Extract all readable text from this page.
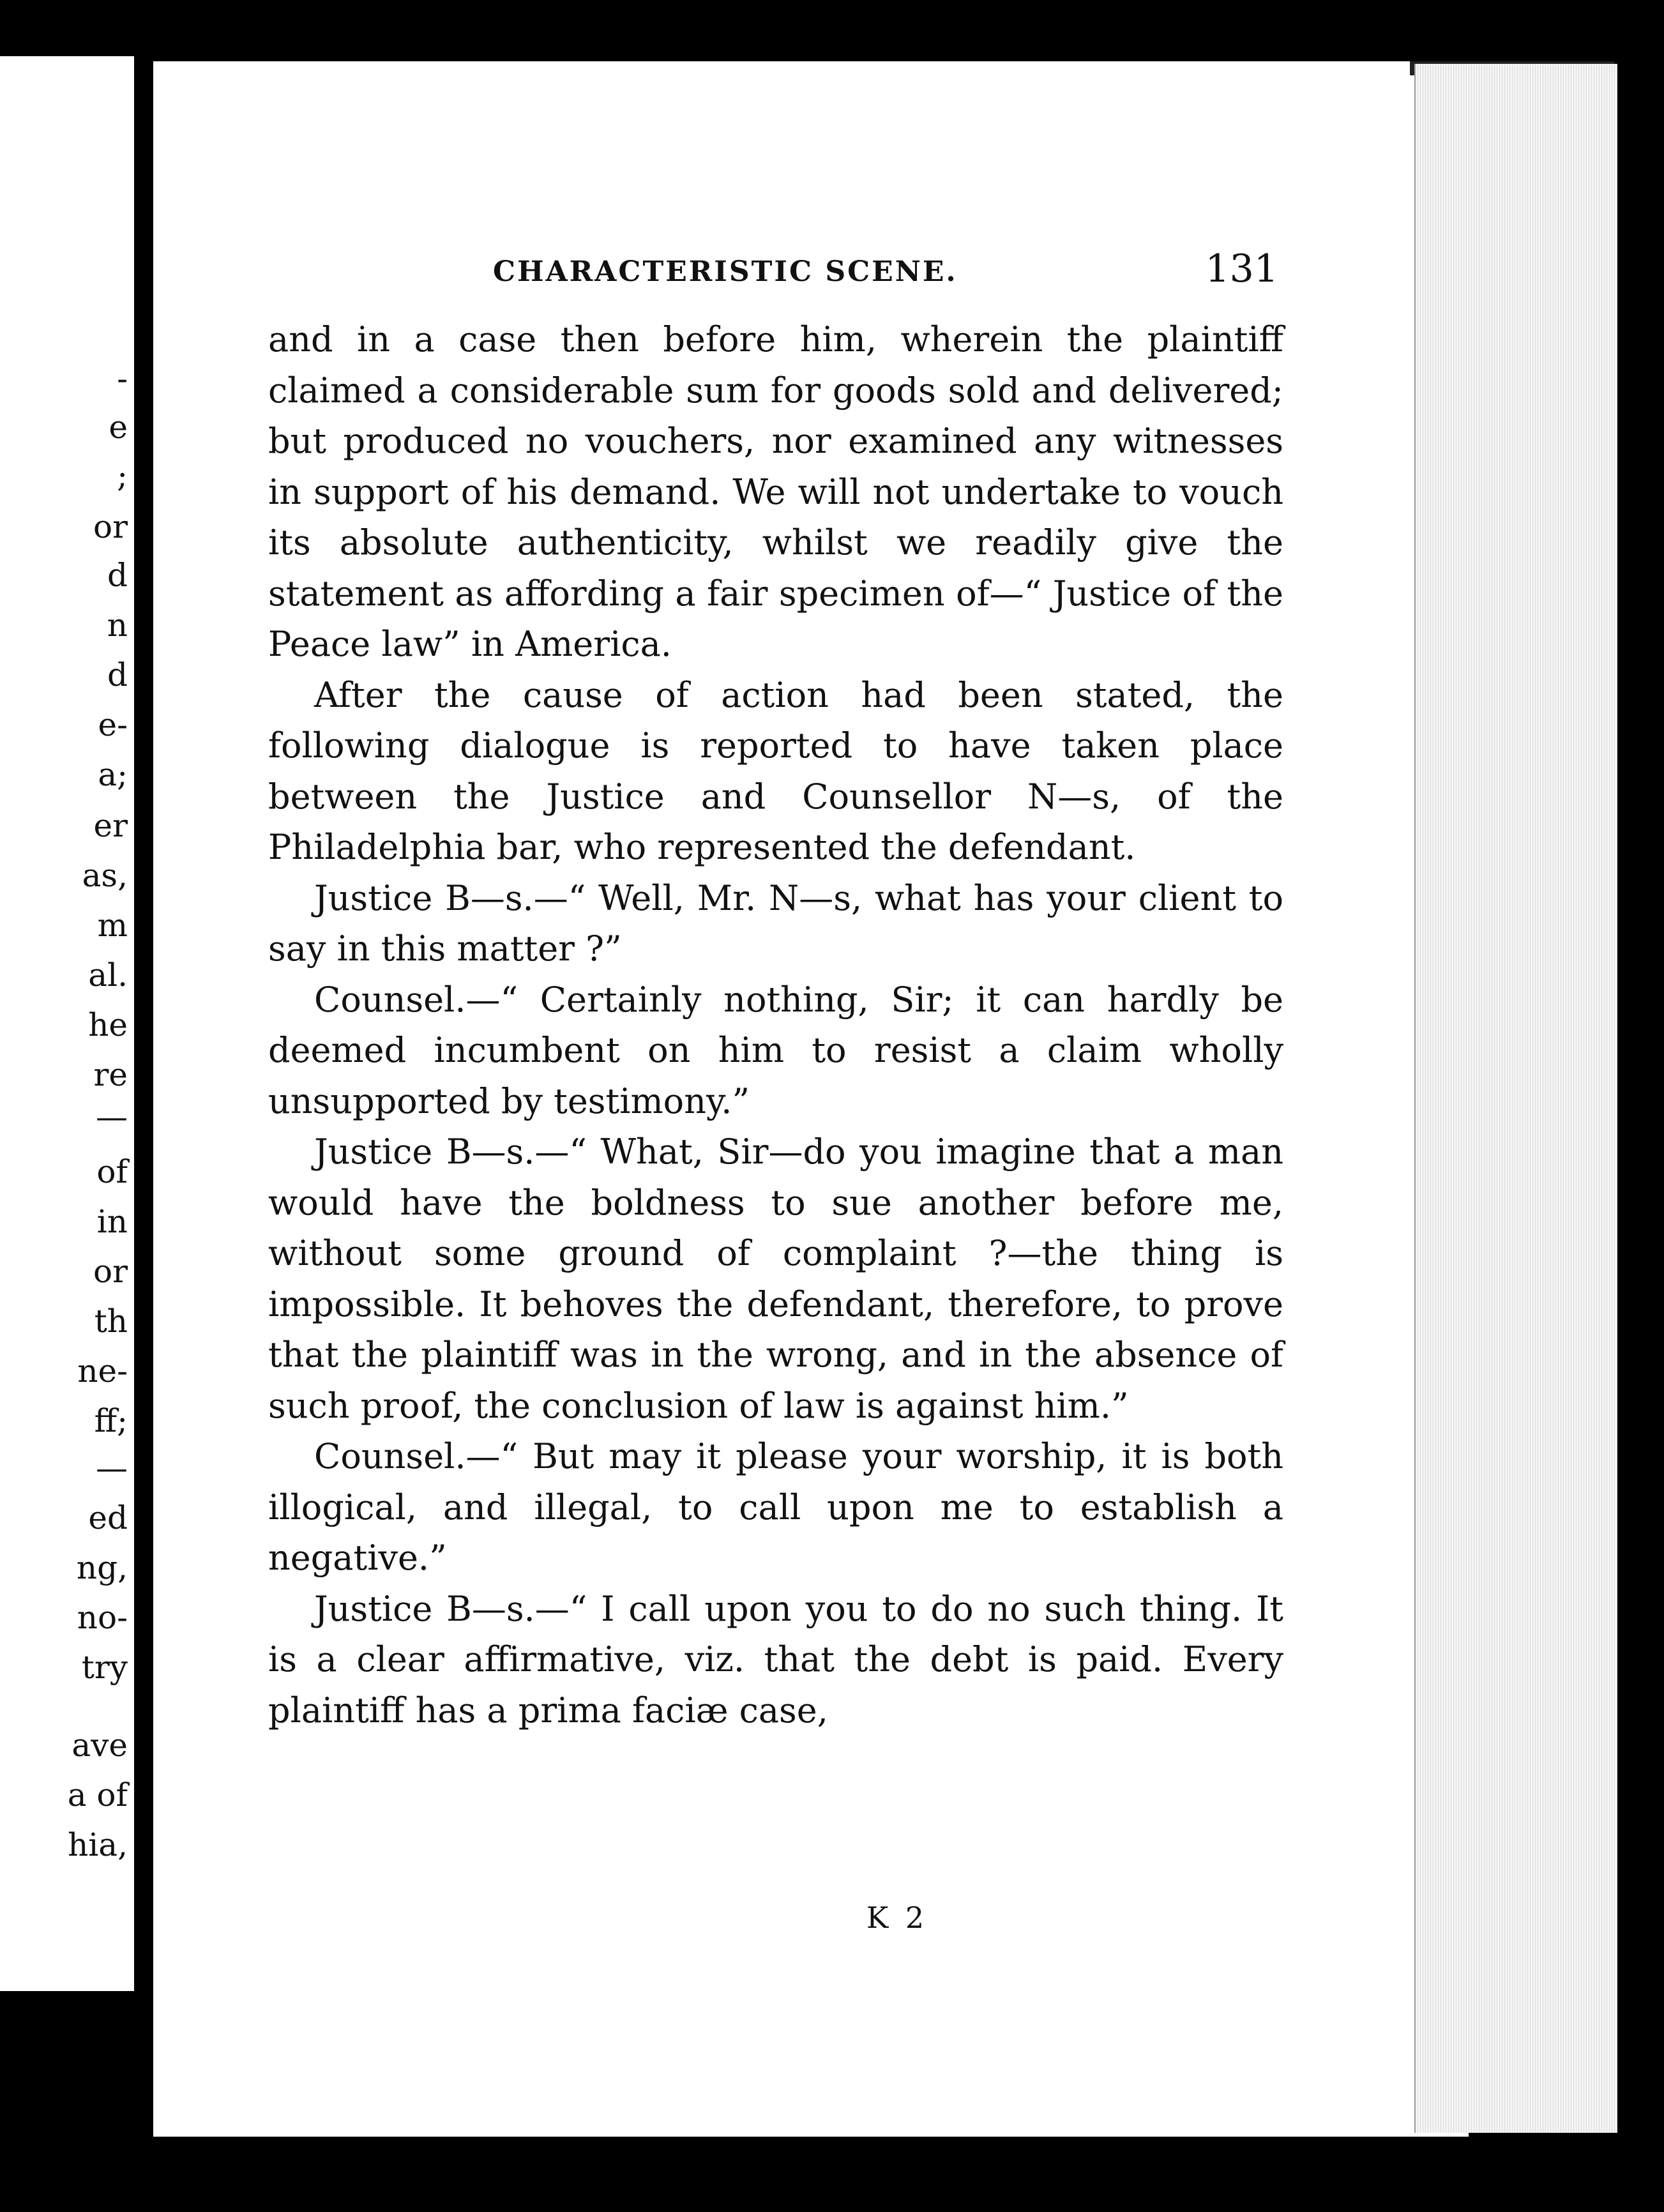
-
e
;
or
d
n
d
e-
a;
er
as,
m
al.
he
re
—
of
in
or
th
ne-
ff;
—
ed
ng,
no-
try
ave
a of
hia,
CHARACTERISTIC SCENE.	131

and in a case then before him, wherein the plaintiff claimed a considerable sum for goods sold and delivered; but produced no vouchers, nor examined any witnesses in support of his demand. We will not undertake to vouch its absolute authenticity, whilst we readily give the statement as affording a fair specimen of—“ Justice of the Peace law” in America.

After the cause of action had been stated, the following dialogue is reported to have taken place between the Justice and Counsellor N—s, of the Philadelphia bar, who represented the defendant.

Justice B—s.—“ Well, Mr. N—s, what has your client to say in this matter ?”

Counsel.—“ Certainly nothing, Sir; it can hardly be deemed incumbent on him to resist a claim wholly unsupported by testimony.”

Justice B—s.—“ What, Sir—do you imagine that a man would have the boldness to sue another before me, without some ground of complaint ?—the thing is impossible. It behoves the defendant, therefore, to prove that the plaintiff was in the wrong, and in the absence of such proof, the conclusion of law is against him.”

Counsel.—“ But may it please your worship, it is both illogical, and illegal, to call upon me to establish a negative.”

Justice B—s.—“ I call upon you to do no such thing. It is a clear affirmative, viz. that the debt is paid. Every plaintiff has a prima faciæ case,

K 2
